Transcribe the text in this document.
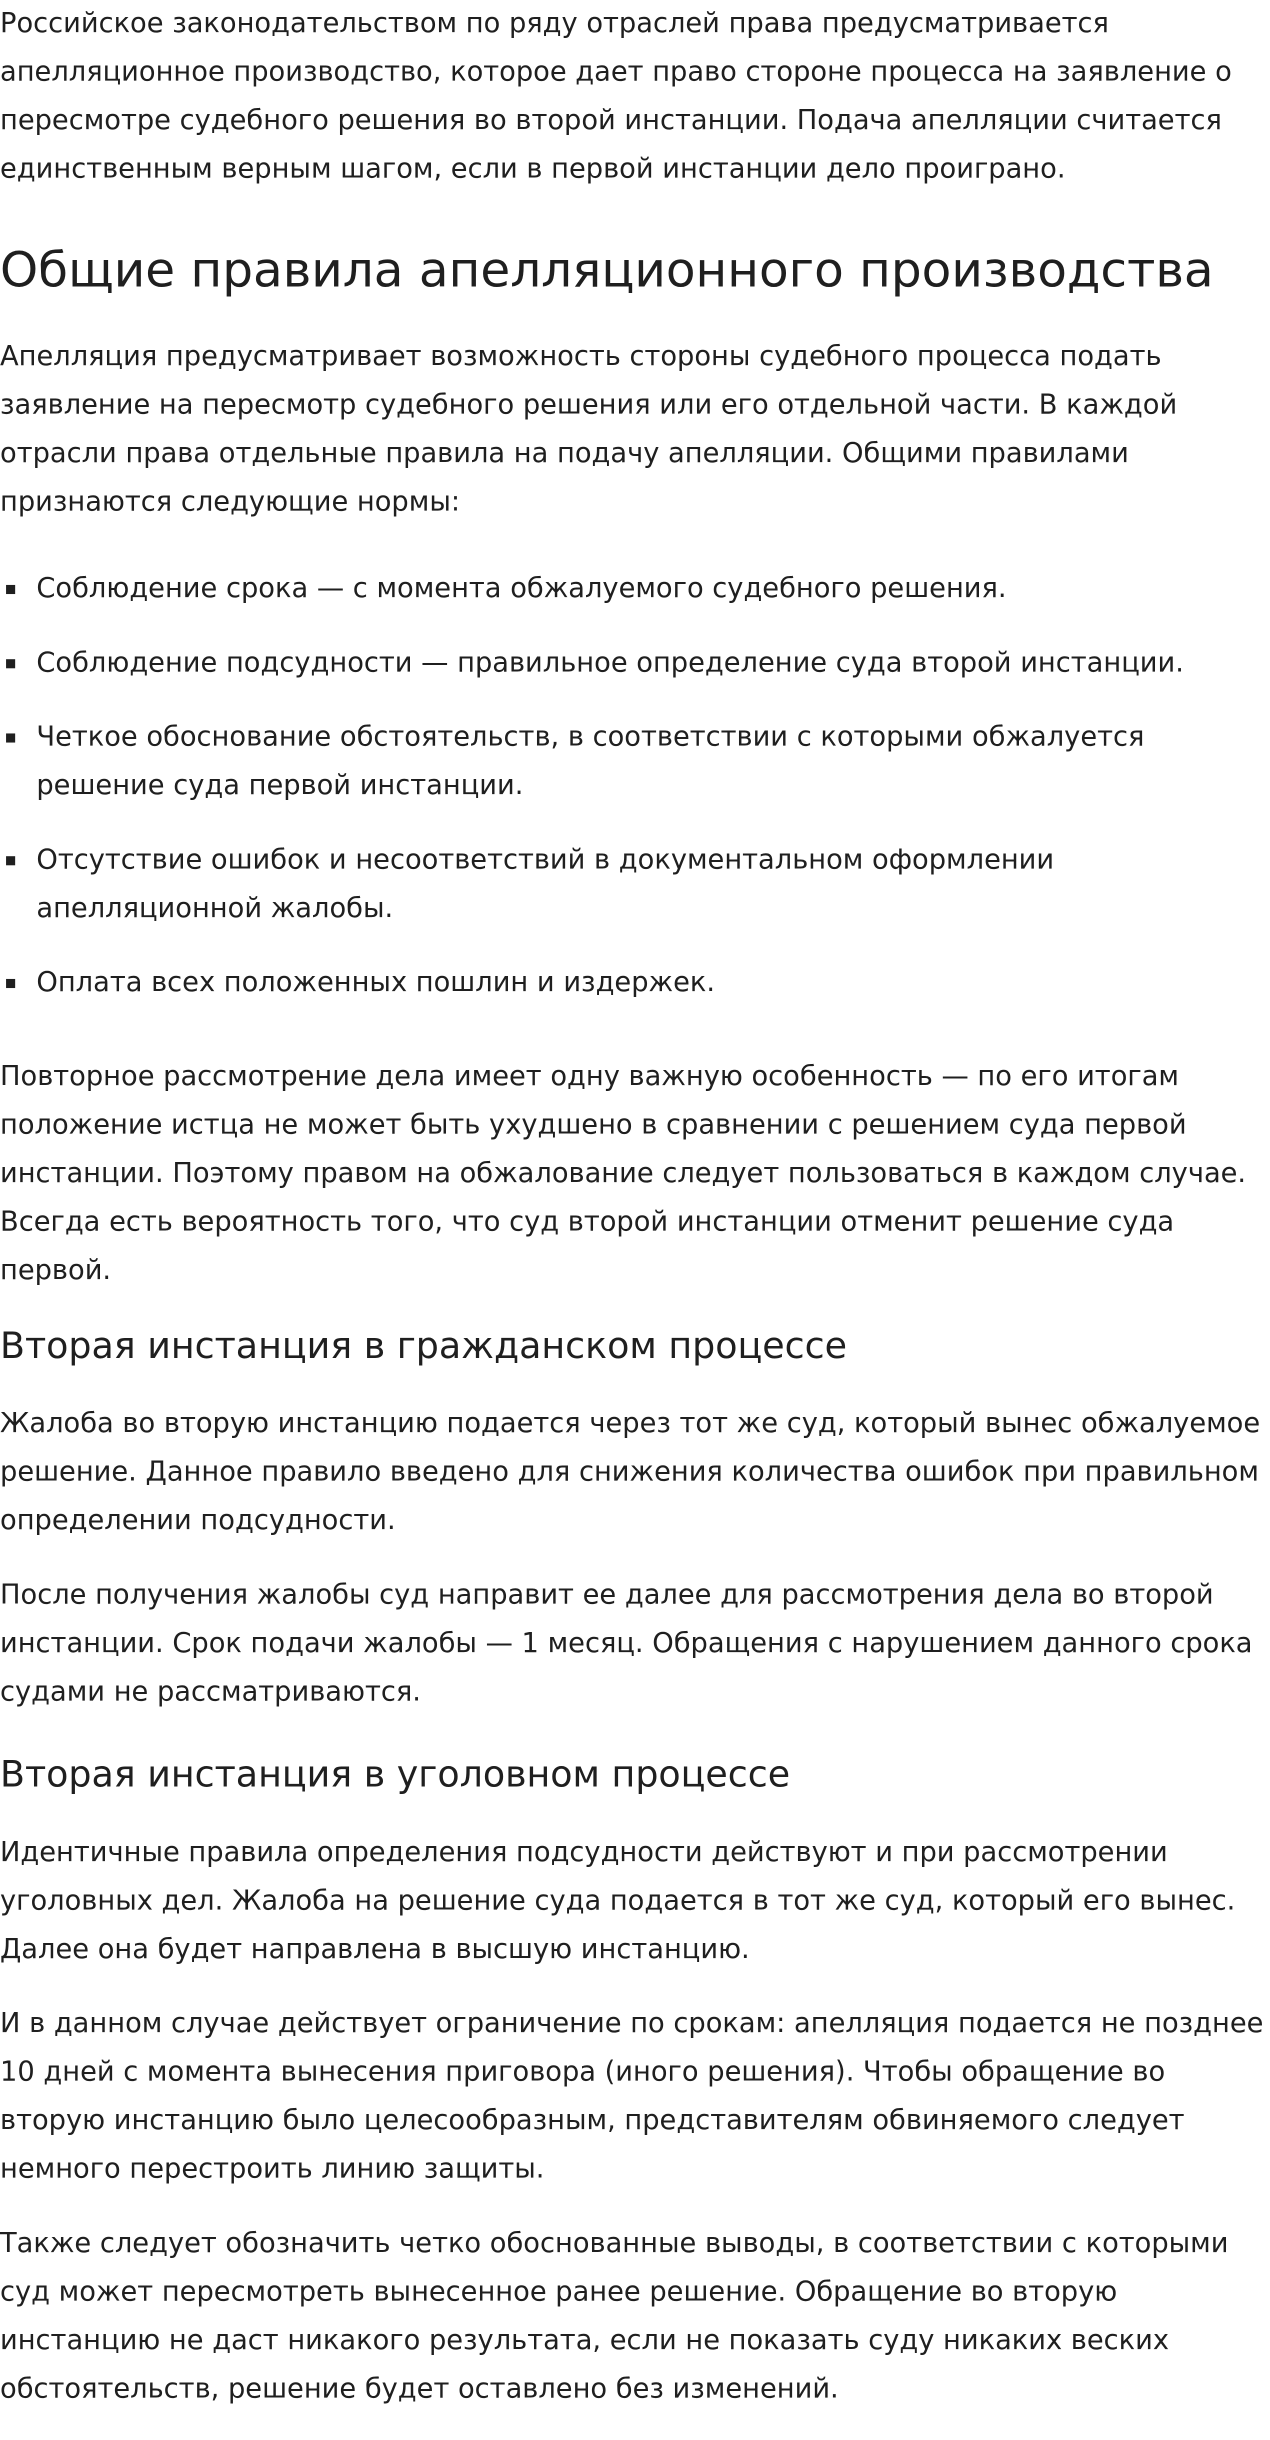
Российское законодательством по ряду отраслей права предусматривается апелляционное производство, которое дает право стороне процесса на заявление о пересмотре судебного решения во второй инстанции. Подача апелляции считается единственным верным шагом, если в первой инстанции дело проиграно.

Общие правила апелляционного производства

Апелляция предусматривает возможность стороны судебного процесса подать заявление на пересмотр судебного решения или его отдельной части. В каждой отрасли права отдельные правила на подачу апелляции. Общими правилами признаются следующие нормы:

Соблюдение срока — с момента обжалуемого судебного решения.
Соблюдение подсудности — правильное определение суда второй инстанции.
Четкое обоснование обстоятельств, в соответствии с которыми обжалуется решение суда первой инстанции.
Отсутствие ошибок и несоответствий в документальном оформлении апелляционной жалобы.
Оплата всех положенных пошлин и издержек.

Повторное рассмотрение дела имеет одну важную особенность — по его итогам положение истца не может быть ухудшено в сравнении с решением суда первой инстанции. Поэтому правом на обжалование следует пользоваться в каждом случае. Всегда есть вероятность того, что суд второй инстанции отменит решение суда первой.

Вторая инстанция в гражданском процессе

Жалоба во вторую инстанцию подается через тот же суд, который вынес обжалуемое решение. Данное правило введено для снижения количества ошибок при правильном определении подсудности.

После получения жалобы суд направит ее далее для рассмотрения дела во второй инстанции. Срок подачи жалобы — 1 месяц. Обращения с нарушением данного срока судами не рассматриваются.

Вторая инстанция в уголовном процессе

Идентичные правила определения подсудности действуют и при рассмотрении уголовных дел. Жалоба на решение суда подается в тот же суд, который его вынес. Далее она будет направлена в высшую инстанцию.

И в данном случае действует ограничение по срокам: апелляция подается не позднее 10 дней с момента вынесения приговора (иного решения). Чтобы обращение во вторую инстанцию было целесообразным, представителям обвиняемого следует немного перестроить линию защиты.

Также следует обозначить четко обоснованные выводы, в соответствии с которыми суд может пересмотреть вынесенное ранее решение. Обращение во вторую инстанцию не даст никакого результата, если не показать суду никаких веских обстоятельств, решение будет оставлено без изменений.
